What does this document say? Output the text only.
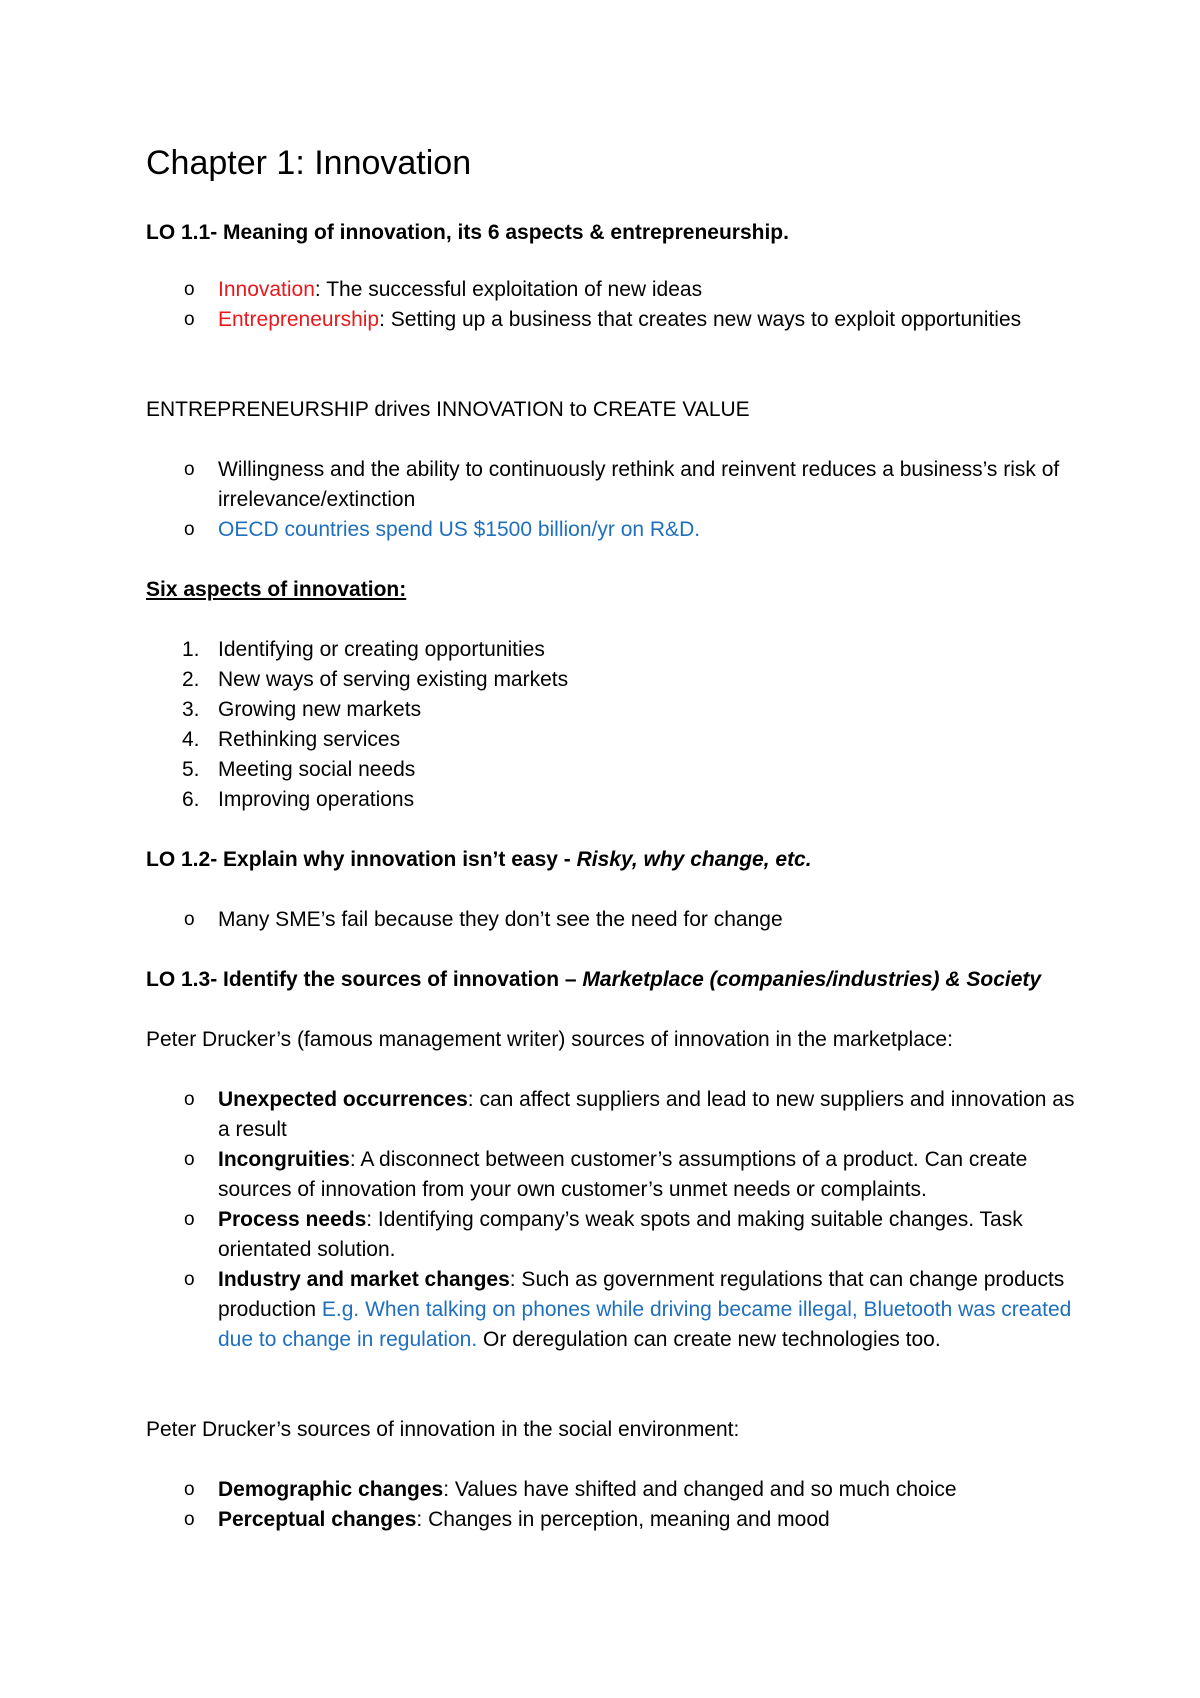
Chapter 1: Innovation
LO 1.1- Meaning of innovation, its 6 aspects & entrepreneurship.
o Innovation: The successful exploitation of new ideas
o Entrepreneurship: Setting up a business that creates new ways to exploit opportunities
ENTREPRENEURSHIP drives INNOVATION to CREATE VALUE
o Willingness and the ability to continuously rethink and reinvent reduces a business’s risk of irrelevance/extinction
o OECD countries spend US $1500 billion/yr on R&D.
Six aspects of innovation:
1. Identifying or creating opportunities
2. New ways of serving existing markets
3. Growing new markets
4. Rethinking services
5. Meeting social needs
6. Improving operations
LO 1.2- Explain why innovation isn’t easy - Risky, why change, etc.
o Many SME’s fail because they don’t see the need for change
LO 1.3- Identify the sources of innovation – Marketplace (companies/industries) & Society
Peter Drucker’s (famous management writer) sources of innovation in the marketplace:
o Unexpected occurrences: can affect suppliers and lead to new suppliers and innovation as a result
o Incongruities: A disconnect between customer’s assumptions of a product. Can create sources of innovation from your own customer’s unmet needs or complaints.
o Process needs: Identifying company’s weak spots and making suitable changes. Task orientated solution.
o Industry and market changes: Such as government regulations that can change products production E.g. When talking on phones while driving became illegal, Bluetooth was created due to change in regulation. Or deregulation can create new technologies too.
Peter Drucker’s sources of innovation in the social environment:
o Demographic changes: Values have shifted and changed and so much choice
o Perceptual changes: Changes in perception, meaning and mood
